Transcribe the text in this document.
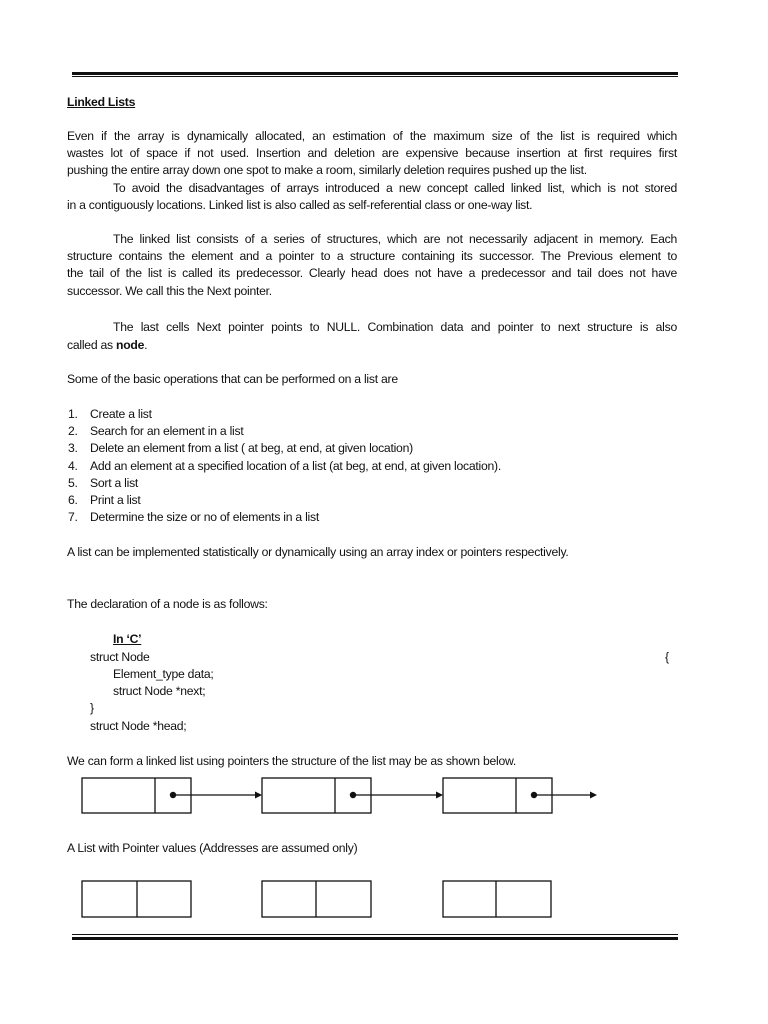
Linked Lists
Even if the array is dynamically allocated, an estimation of the maximum size of the list is required which
wastes lot of space if not used. Insertion and deletion are expensive because insertion at first requires first
pushing the entire array down one spot to make a room, similarly deletion requires pushed up the list.
To avoid the disadvantages of arrays introduced a new concept called linked list, which is not stored
in a contiguously locations. Linked list is also called as self-referential class or one-way list.
The linked list consists of a series of structures, which are not necessarily adjacent in memory. Each
structure contains the element and a pointer to a structure containing its successor. The Previous element to
the tail of the list is called its predecessor. Clearly head does not have a predecessor and tail does not have
successor. We call this the Next pointer.
The last cells Next pointer points to NULL. Combination data and pointer to next structure is also
called as node.
Some of the basic operations that can be performed on a list are
1. Create a list
2. Search for an element in a list
3. Delete an element from a list ( at beg, at end, at given location)
4. Add an element at a specified location of a list (at beg, at end, at given location).
5. Sort a list
6. Print a list
7. Determine the size or no of elements in a list
A list can be implemented statistically or dynamically using an array index or pointers respectively.
The declaration of a node is as follows:
In ‘C’
struct Node	{
Element_type data;
struct Node *next;
}
struct Node *head;
We can form a linked list using pointers the structure of the list may be as shown below.
A List with Pointer values (Addresses are assumed only)
